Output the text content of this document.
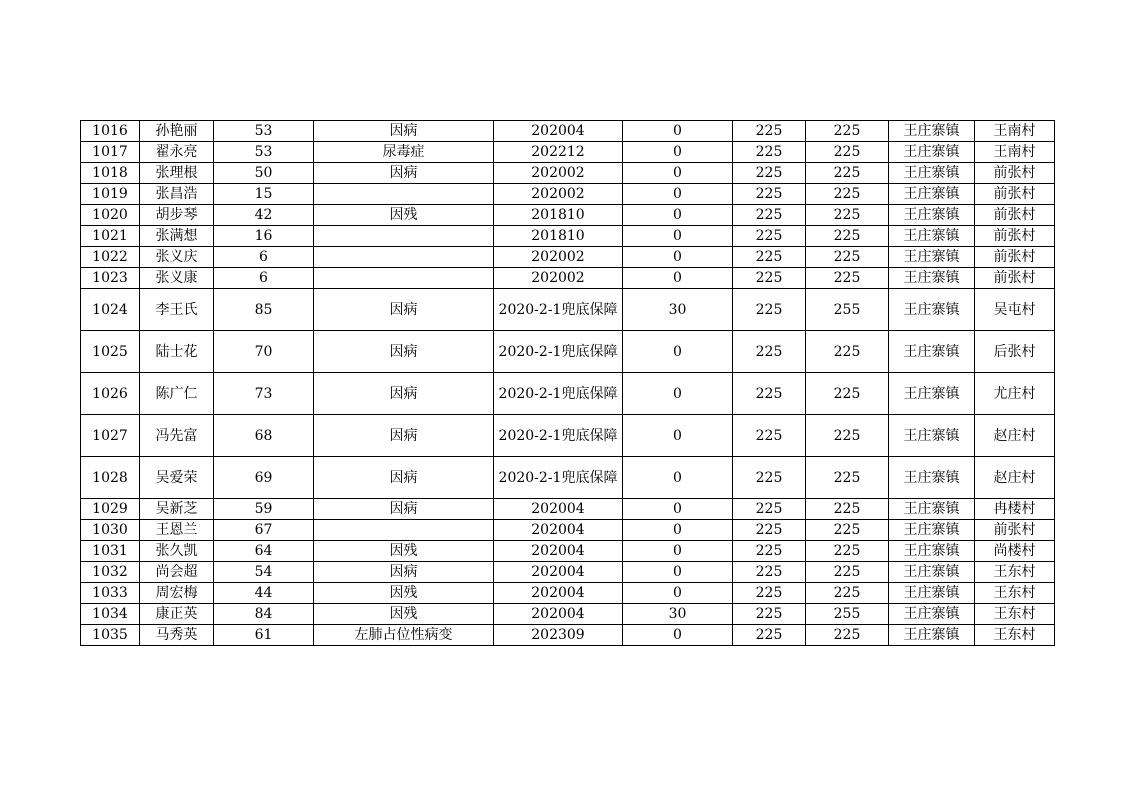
1016	孙艳丽	53	因病	202004	0	225	225	王庄寨镇	王南村
1017	翟永亮	53	尿毒症	202212	0	225	225	王庄寨镇	王南村
1018	张理根	50	因病	202002	0	225	225	王庄寨镇	前张村
1019	张昌浩	15		202002	0	225	225	王庄寨镇	前张村
1020	胡步琴	42	因残	201810	0	225	225	王庄寨镇	前张村
1021	张满想	16		201810	0	225	225	王庄寨镇	前张村
1022	张义庆	6		202002	0	225	225	王庄寨镇	前张村
1023	张义康	6		202002	0	225	225	王庄寨镇	前张村
1024	李王氏	85	因病	2020-2-1兜底保障	30	225	255	王庄寨镇	吴屯村
1025	陆士花	70	因病	2020-2-1兜底保障	0	225	225	王庄寨镇	后张村
1026	陈广仁	73	因病	2020-2-1兜底保障	0	225	225	王庄寨镇	尤庄村
1027	冯先富	68	因病	2020-2-1兜底保障	0	225	225	王庄寨镇	赵庄村
1028	吴爱荣	69	因病	2020-2-1兜底保障	0	225	225	王庄寨镇	赵庄村
1029	吴新芝	59	因病	202004	0	225	225	王庄寨镇	冉楼村
1030	王恩兰	67		202004	0	225	225	王庄寨镇	前张村
1031	张久凯	64	因残	202004	0	225	225	王庄寨镇	尚楼村
1032	尚会超	54	因病	202004	0	225	225	王庄寨镇	王东村
1033	周宏梅	44	因残	202004	0	225	225	王庄寨镇	王东村
1034	康正英	84	因残	202004	30	225	255	王庄寨镇	王东村
1035	马秀英	61	左肺占位性病变	202309	0	225	225	王庄寨镇	王东村
